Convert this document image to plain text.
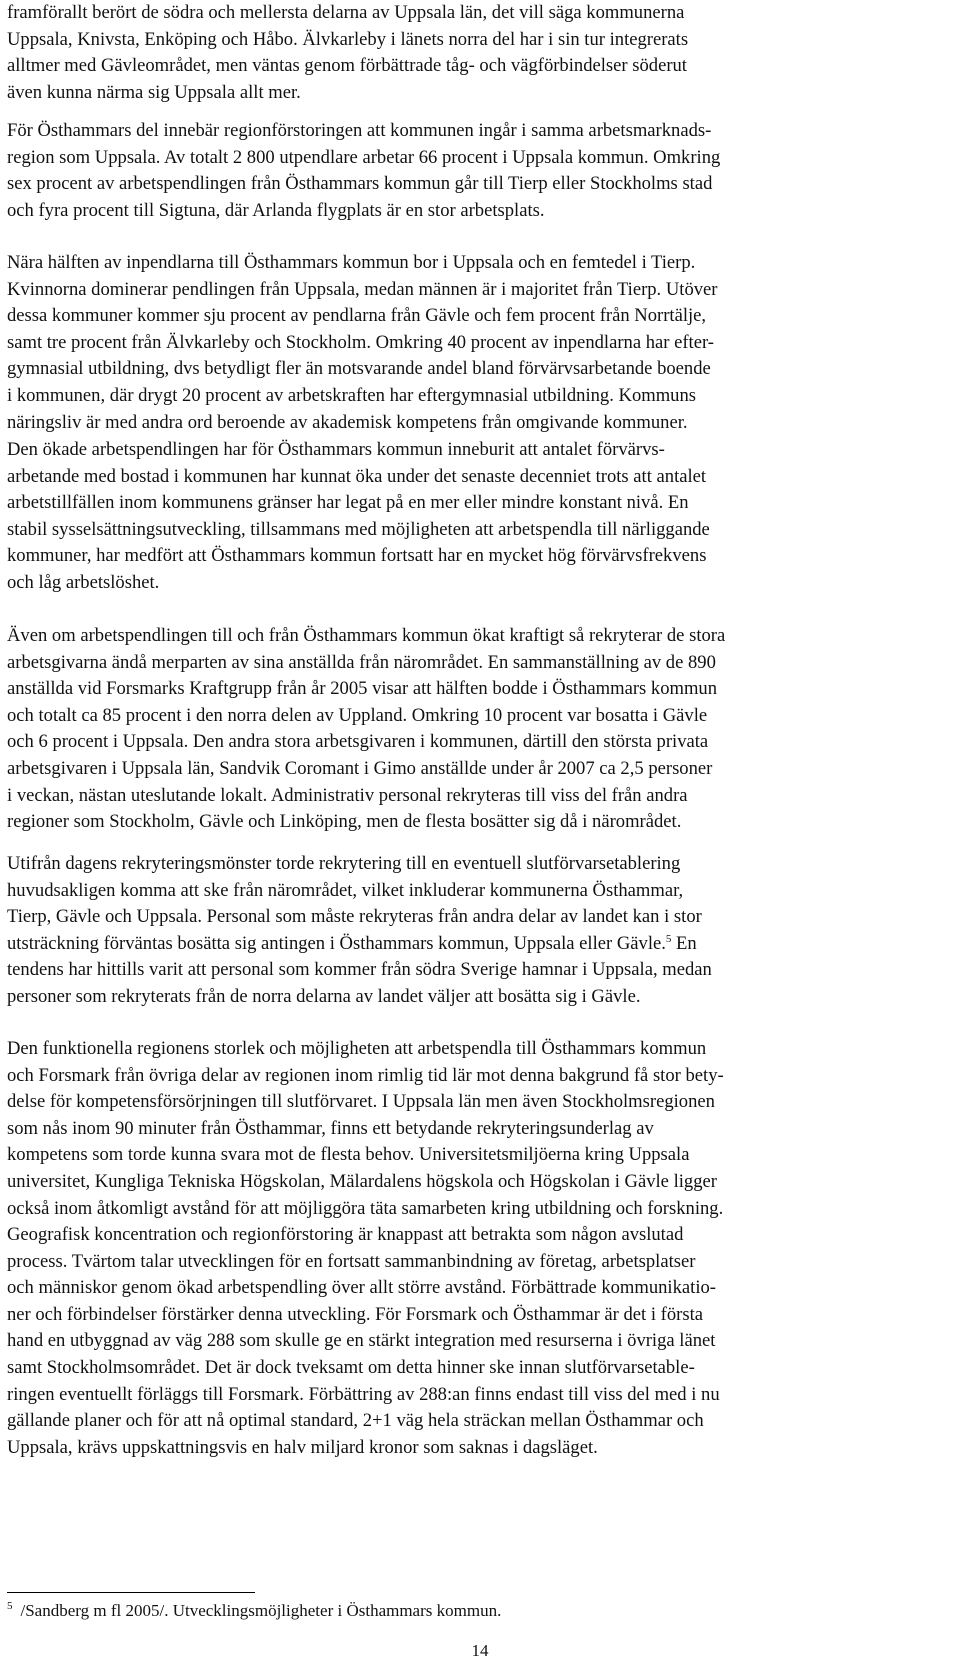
framförallt berört de södra och mellersta delarna av Uppsala län, det vill säga kommunerna
Uppsala, Knivsta, Enköping och Håbo. Älvkarleby i länets norra del har i sin tur integrerats
alltmer med Gävleområdet, men väntas genom förbättrade tåg- och vägförbindelser söderut
även kunna närma sig Uppsala allt mer.
För Östhammars del innebär regionförstoringen att kommunen ingår i samma arbetsmarknads-
region som Uppsala. Av totalt 2 800 utpendlare arbetar 66 procent i Uppsala kommun. Omkring
sex procent av arbetspendlingen från Östhammars kommun går till Tierp eller Stockholms stad
och fyra procent till Sigtuna, där Arlanda flygplats är en stor arbetsplats.
Nära hälften av inpendlarna till Östhammars kommun bor i Uppsala och en femtedel i Tierp.
Kvinnorna dominerar pendlingen från Uppsala, medan männen är i majoritet från Tierp. Utöver
dessa kommuner kommer sju procent av pendlarna från Gävle och fem procent från Norrtälje,
samt tre procent från Älvkarleby och Stockholm. Omkring 40 procent av inpendlarna har efter-
gymnasial utbildning, dvs betydligt fler än motsvarande andel bland förvärvsarbetande boende
i kommunen, där drygt 20 procent av arbetskraften har eftergymnasial utbildning. Kommuns
näringsliv är med andra ord beroende av akademisk kompetens från omgivande kommuner.
Den ökade arbetspendlingen har för Östhammars kommun inneburit att antalet förvärvs-
arbetande med bostad i kommunen har kunnat öka under det senaste decenniet trots att antalet
arbetstillfällen inom kommunens gränser har legat på en mer eller mindre konstant nivå. En
stabil sysselsättningsutveckling, tillsammans med möjligheten att arbetspendla till närliggande
kommuner, har medfört att Östhammars kommun fortsatt har en mycket hög förvärvsfrekvens
och låg arbetslöshet.
Även om arbetspendlingen till och från Östhammars kommun ökat kraftigt så rekryterar de stora
arbetsgivarna ändå merparten av sina anställda från närområdet. En sammanställning av de 890
anställda vid Forsmarks Kraftgrupp från år 2005 visar att hälften bodde i Östhammars kommun
och totalt ca 85 procent i den norra delen av Uppland. Omkring 10 procent var bosatta i Gävle
och 6 procent i Uppsala. Den andra stora arbetsgivaren i kommunen, därtill den största privata
arbetsgivaren i Uppsala län, Sandvik Coromant i Gimo anställde under år 2007 ca 2,5 personer
i veckan, nästan uteslutande lokalt. Administrativ personal rekryteras till viss del från andra
regioner som Stockholm, Gävle och Linköping, men de flesta bosätter sig då i närområdet.
Utifrån dagens rekryteringsmönster torde rekrytering till en eventuell slutförvarsetablering
huvudsakligen komma att ske från närområdet, vilket inkluderar kommunerna Östhammar,
Tierp, Gävle och Uppsala. Personal som måste rekryteras från andra delar av landet kan i stor
utsträckning förväntas bosätta sig antingen i Östhammars kommun, Uppsala eller Gävle.$^5$ En
tendens har hittills varit att personal som kommer från södra Sverige hamnar i Uppsala, medan
personer som rekryterats från de norra delarna av landet väljer att bosätta sig i Gävle.
Den funktionella regionens storlek och möjligheten att arbetspendla till Östhammars kommun
och Forsmark från övriga delar av regionen inom rimlig tid lär mot denna bakgrund få stor bety-
delse för kompetensförsörjningen till slutförvaret. I Uppsala län men även Stockholmsregionen
som nås inom 90 minuter från Östhammar, finns ett betydande rekryteringsunderlag av
kompetens som torde kunna svara mot de flesta behov. Universitetsmiljöerna kring Uppsala
universitet, Kungliga Tekniska Högskolan, Mälardalens högskola och Högskolan i Gävle ligger
också inom åtkomligt avstånd för att möjliggöra täta samarbeten kring utbildning och forskning.
Geografisk koncentration och regionförstoring är knappast att betrakta som någon avslutad
process. Tvärtom talar utvecklingen för en fortsatt sammanbindning av företag, arbetsplatser
och människor genom ökad arbetspendling över allt större avstånd. Förbättrade kommunikatio-
ner och förbindelser förstärker denna utveckling. För Forsmark och Östhammar är det i första
hand en utbyggnad av väg 288 som skulle ge en stärkt integration med resurserna i övriga länet
samt Stockholmsområdet. Det är dock tveksamt om detta hinner ske innan slutförvarsetable-
ringen eventuellt förläggs till Forsmark. Förbättring av 288:an finns endast till viss del med i nu
gällande planer och för att nå optimal standard, 2+1 väg hela sträckan mellan Östhammar och
Uppsala, krävs uppskattningsvis en halv miljard kronor som saknas i dagsläget.
$^5$ /Sandberg m fl 2005/. Utvecklingsmöjligheter i Östhammars kommun.
14
